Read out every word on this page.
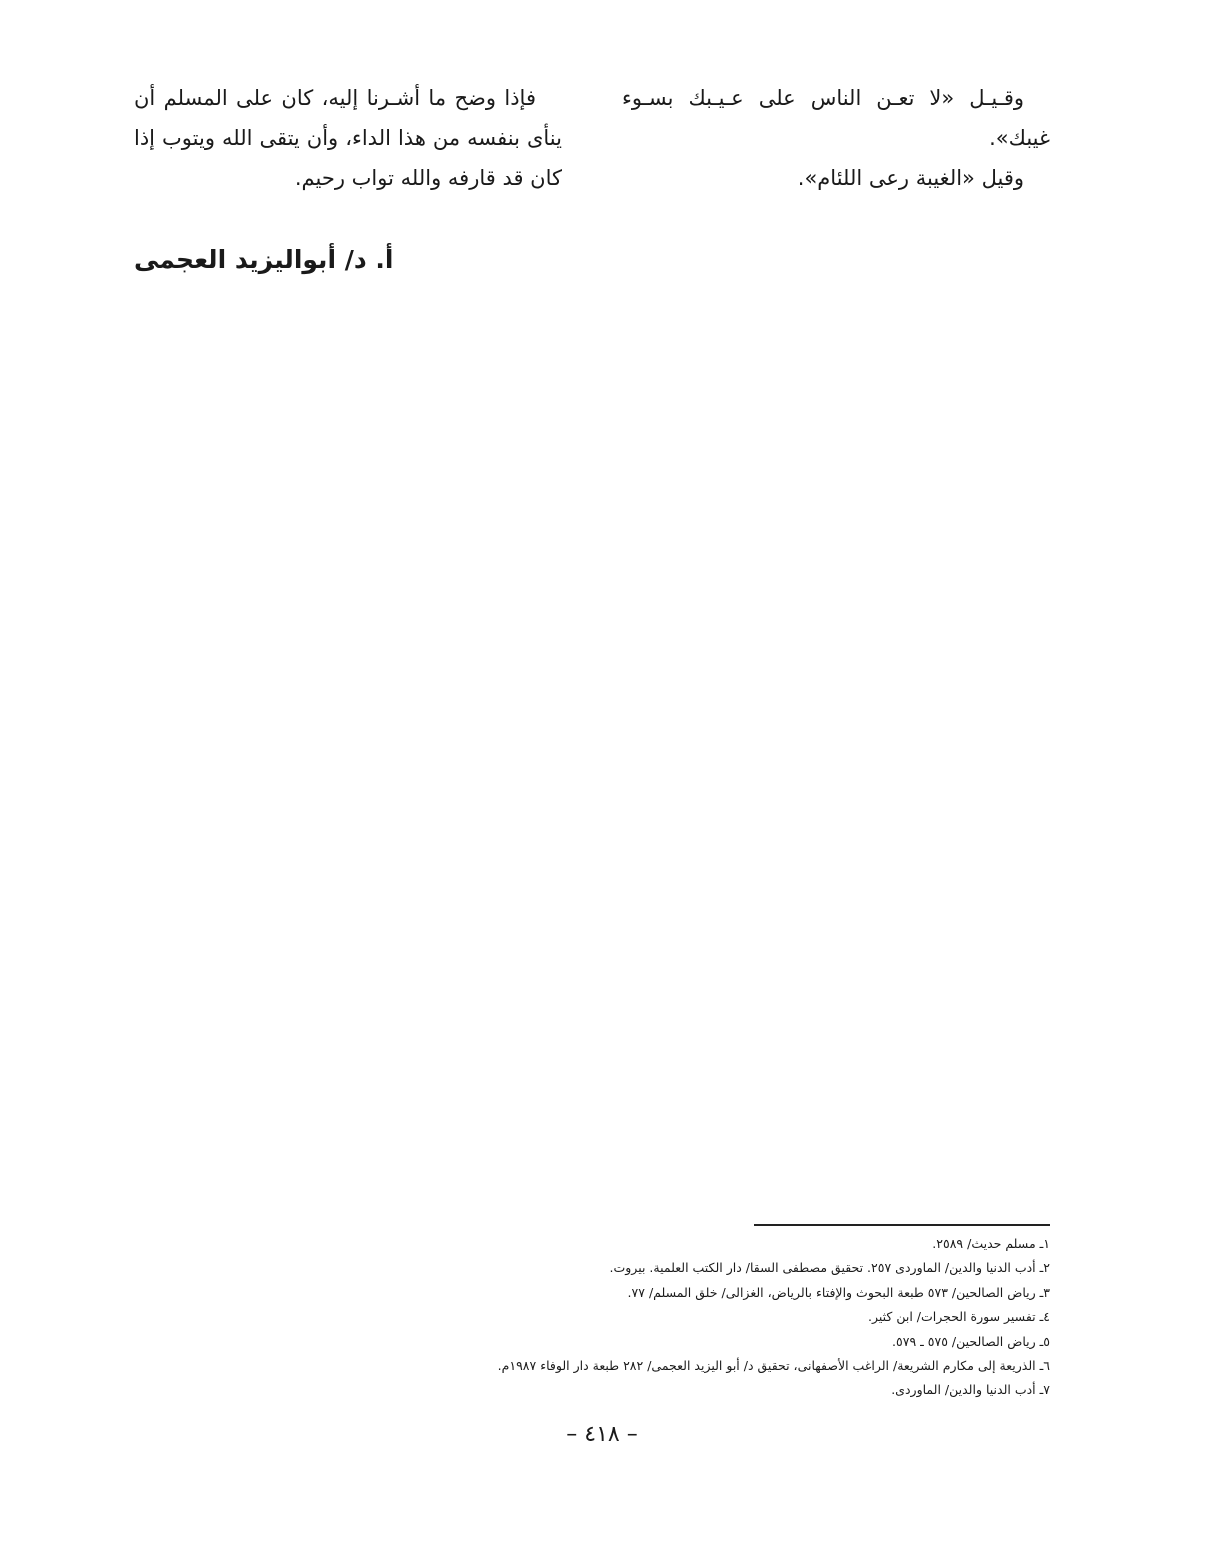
وقـيـل «لا تعـن الناس على عـيـبك بسـوء غيبك».

وقيل «الغيبة رعى اللئام».

فإذا وضح ما أشـرنا إليه، كان على المسلم أن ينأى بنفسه من هذا الداء، وأن يتقى الله ويتوب إذا كان قد قارفه والله تواب رحيم.

أ. د/ أبواليزيد العجمى
١ـ مسلم حديث/ ٢٥٨٩.
٢ـ أدب الدنيا والدين/ الماوردى ٢٥٧. تحقيق مصطفى السقا/ دار الكتب العلمية. بيروت.
٣ـ رياض الصالحين/ ٥٧٣ طبعة البحوث والإفتاء بالرياض، الغزالى/ خلق المسلم/ ٧٧.
٤ـ تفسير سورة الحجرات/ ابن كثير.
٥ـ رياض الصالحين/ ٥٧٥ ـ ٥٧٩.
٦ـ الذريعة إلى مكارم الشريعة/ الراغب الأصفهانى، تحقيق د/ أبو اليزيد العجمى/ ٢٨٢ طبعة دار الوفاء ١٩٨٧م.
٧ـ أدب الدنيا والدين/ الماوردى.
– ٤١٨ –
